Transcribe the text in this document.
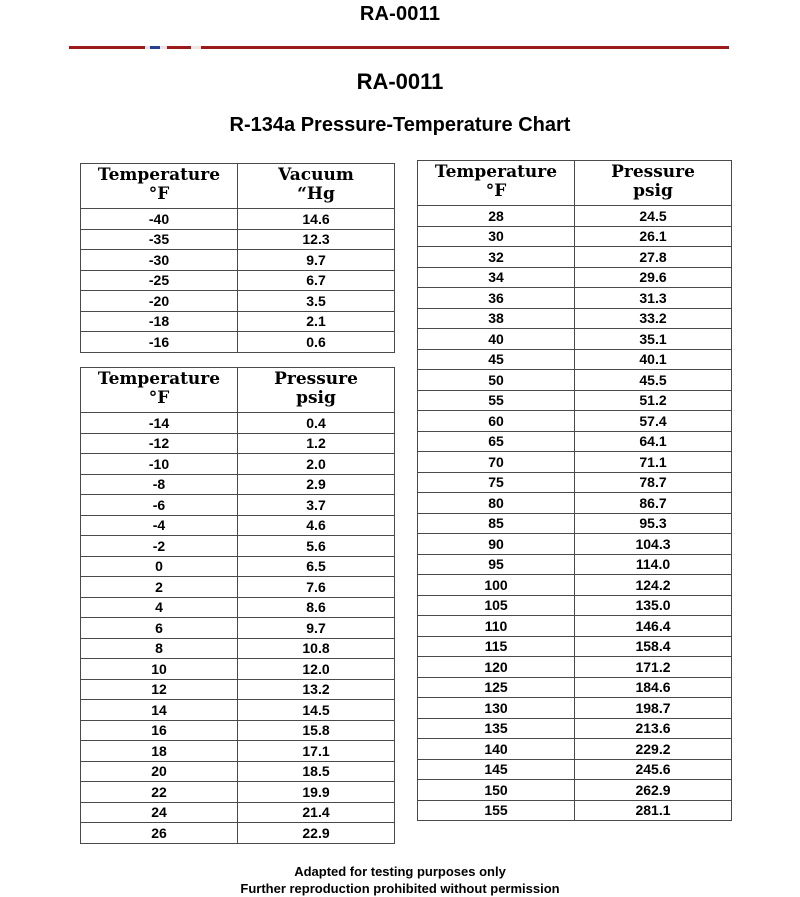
RA-0011
RA-0011
R-134a Pressure-Temperature Chart
Temperature
°F

Vacuum
“Hg

-40	14.6
-35	12.3
-30	9.7
-25	6.7
-20	3.5
-18	2.1
-16	0.6
Temperature
°F

Pressure
psig

-14	0.4
-12	1.2
-10	2.0
-8	2.9
-6	3.7
-4	4.6
-2	5.6
0	6.5
2	7.6
4	8.6
6	9.7
8	10.8
10	12.0
12	13.2
14	14.5
16	15.8
18	17.1
20	18.5
22	19.9
24	21.4
26	22.9
Temperature
°F

Pressure
psig

28	24.5
30	26.1
32	27.8
34	29.6
36	31.3
38	33.2
40	35.1
45	40.1
50	45.5
55	51.2
60	57.4
65	64.1
70	71.1
75	78.7
80	86.7
85	95.3
90	104.3
95	114.0
100	124.2
105	135.0
110	146.4
115	158.4
120	171.2
125	184.6
130	198.7
135	213.6
140	229.2
145	245.6
150	262.9
155	281.1
Adapted for testing purposes only
Further reproduction prohibited without permission
